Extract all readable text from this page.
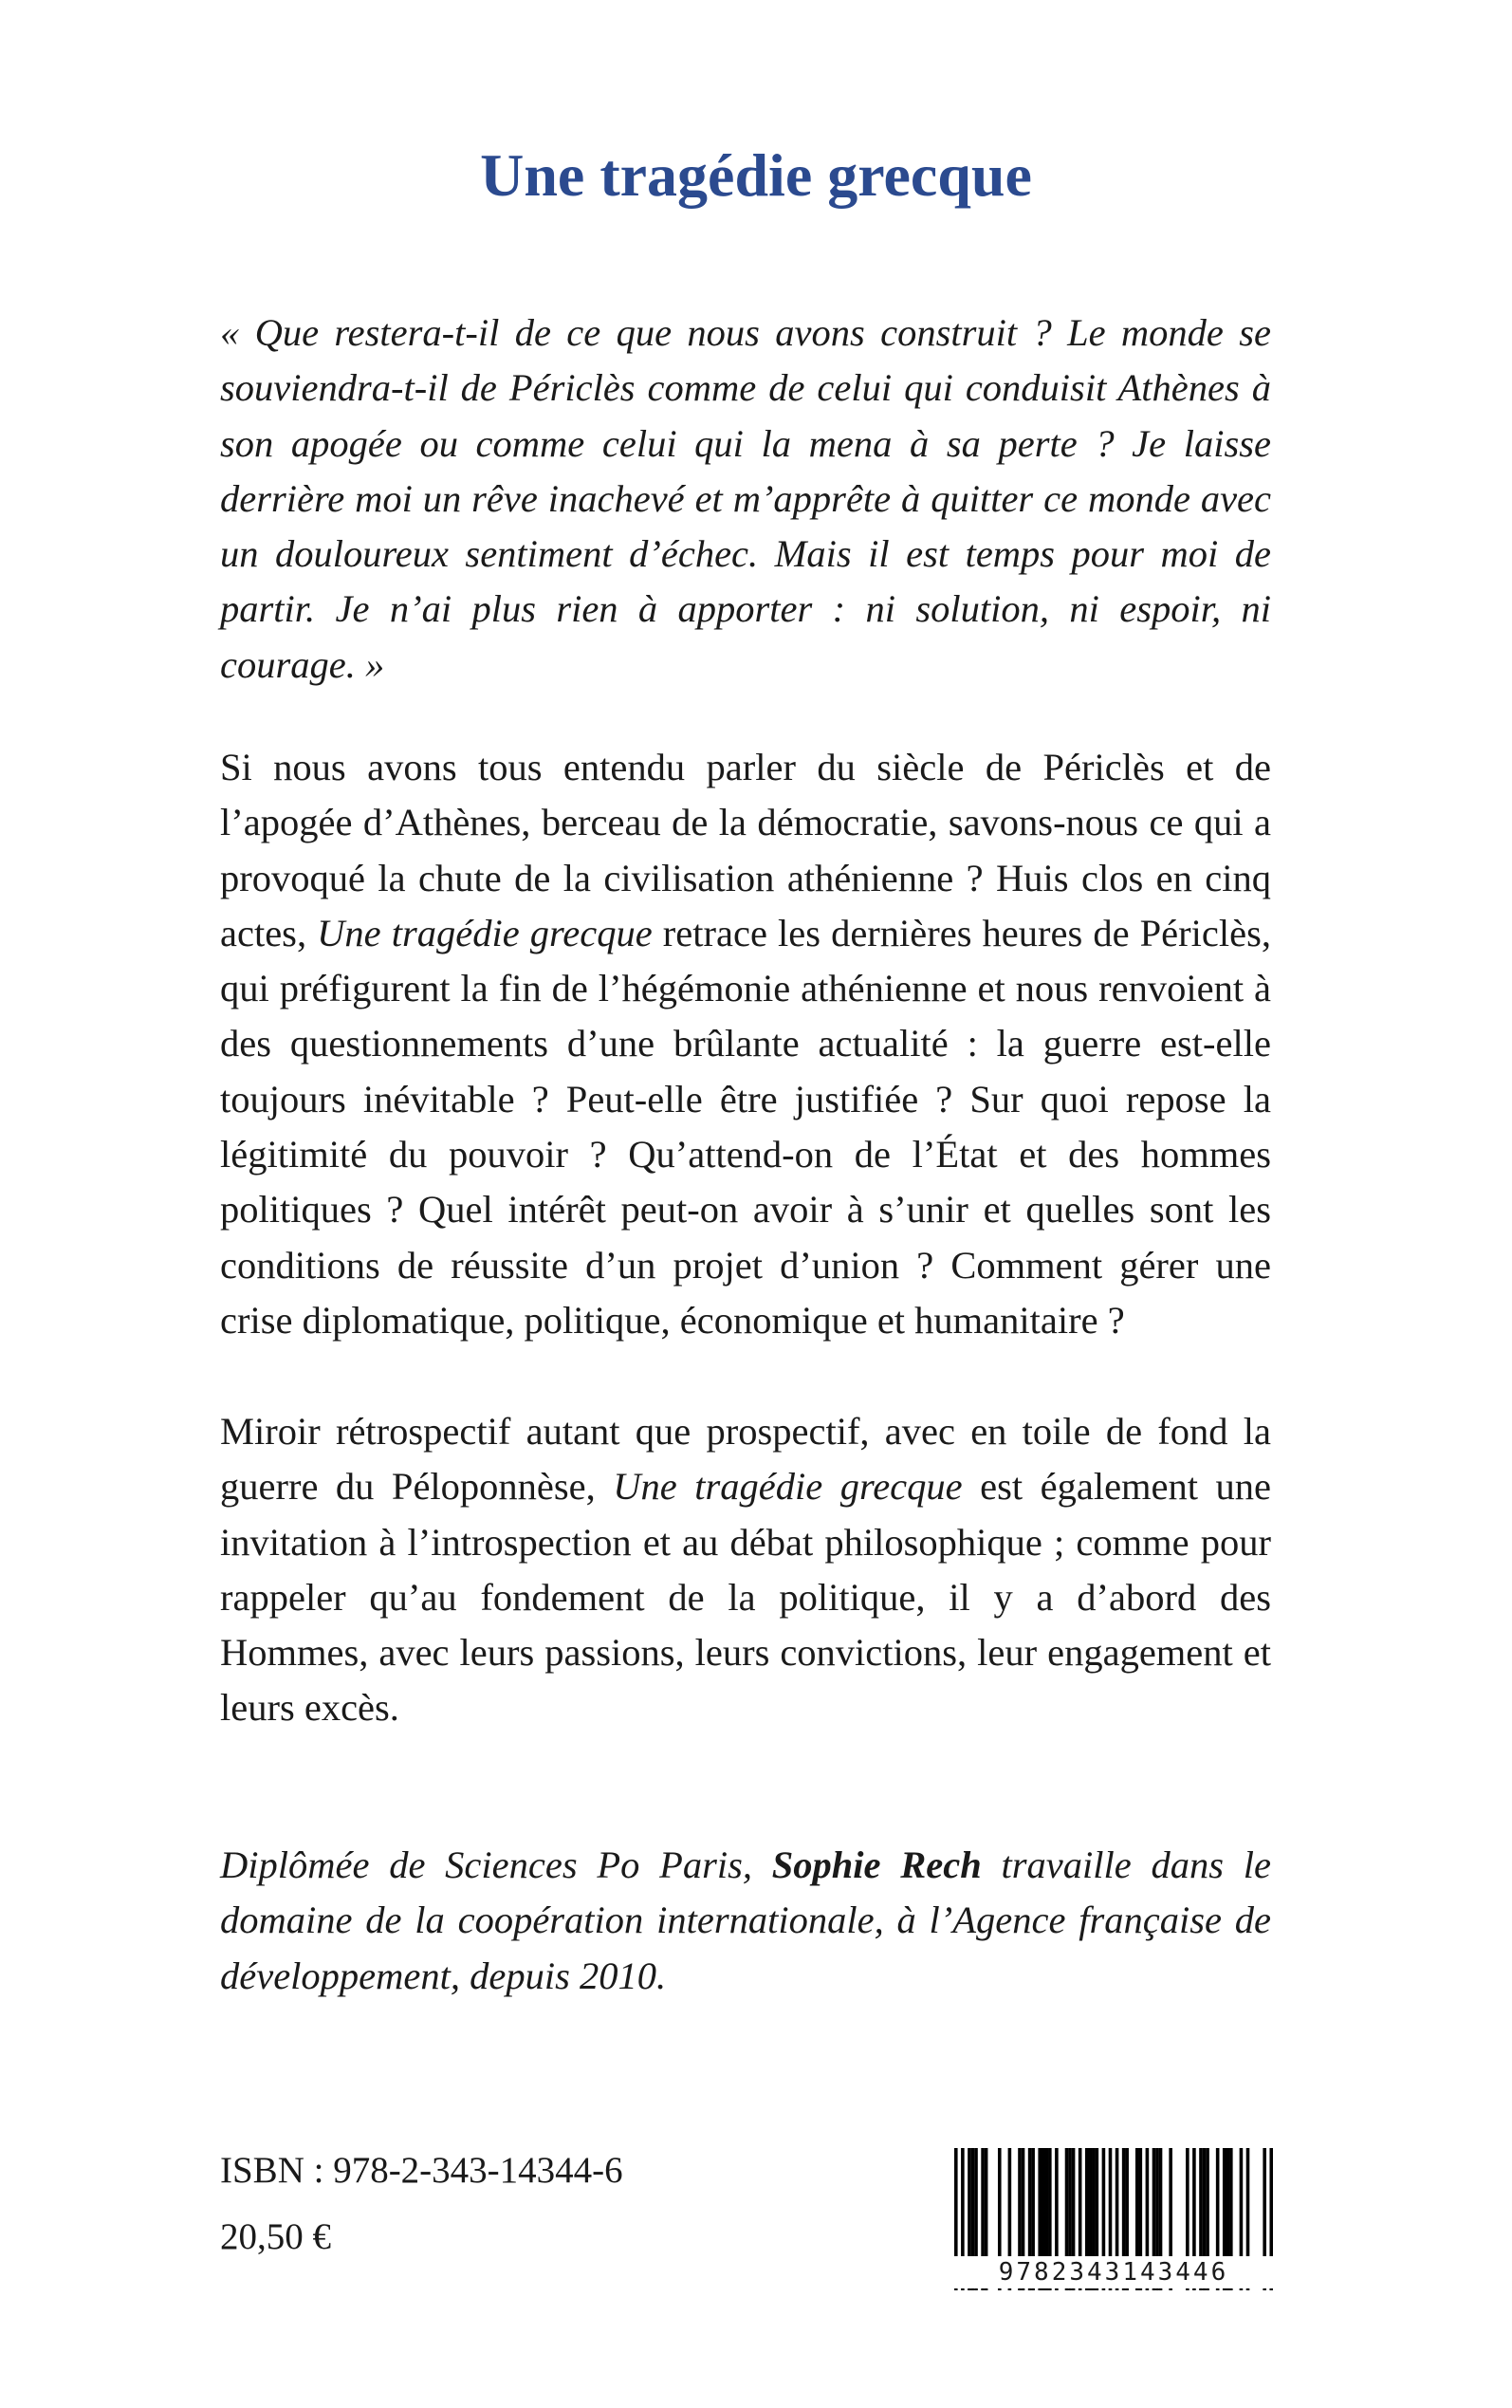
Une tragédie grecque

« Que restera-t-il de ce que nous avons construit ? Le monde se souviendra-t-il de Périclès comme de celui qui conduisit Athènes à son apogée ou comme celui qui la mena à sa perte ? Je laisse derrière moi un rêve inachevé et m’apprête à quitter ce monde avec un douloureux sentiment d’échec. Mais il est temps pour moi de partir. Je n’ai plus rien à apporter : ni solution, ni espoir, ni courage. »

Si nous avons tous entendu parler du siècle de Périclès et de l’apogée d’Athènes, berceau de la démocratie, savons-nous ce qui a provoqué la chute de la civilisation athénienne ? Huis clos en cinq actes, Une tragédie grecque retrace les dernières heures de Périclès, qui préfigurent la fin de l’hégémonie athénienne et nous renvoient à des questionnements d’une brûlante actualité : la guerre est-elle toujours inévitable ? Peut-elle être justifiée ? Sur quoi repose la légitimité du pouvoir ? Qu’attend-on de l’État et des hommes politiques ? Quel intérêt peut-on avoir à s’unir et quelles sont les conditions de réussite d’un projet d’union ? Comment gérer une crise diplomatique, politique, économique et humanitaire ?

Miroir rétrospectif autant que prospectif, avec en toile de fond la guerre du Péloponnèse, Une tragédie grecque est également une invitation à l’introspection et au débat philosophique ; comme pour rappeler qu’au fondement de la politique, il y a d’abord des Hommes, avec leurs passions, leurs convictions, leur engagement et leurs excès.

Diplômée de Sciences Po Paris, Sophie Rech travaille dans le domaine de la coopération internationale, à l’Agence française de développement, depuis 2010.

ISBN : 978-2-343-14344-6

20,50 €

9782343143446
